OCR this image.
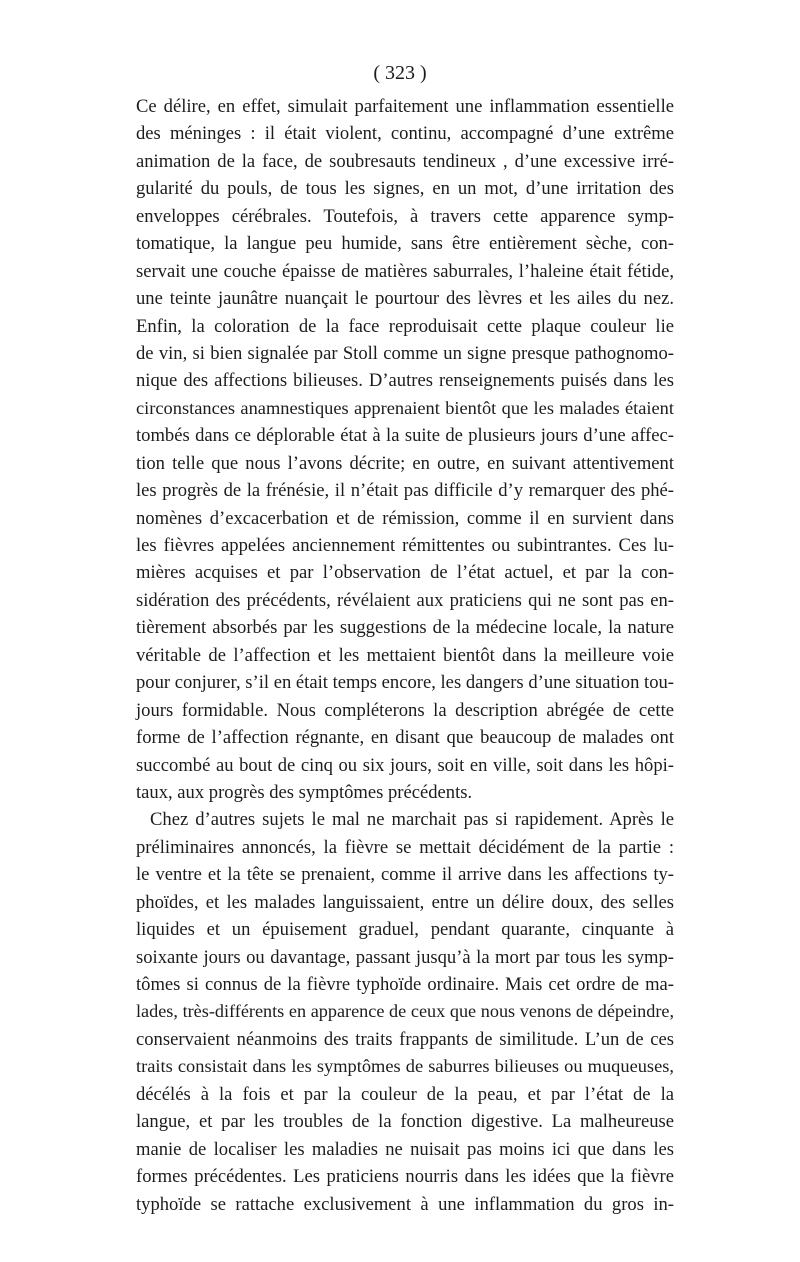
( 323 )
Ce délire, en effet, simulait parfaitement une inflammation essentielle
des méninges : il était violent, continu, accompagné d’une extrême
animation de la face, de soubresauts tendineux , d’une excessive irré-
gularité du pouls, de tous les signes, en un mot, d’une irritation des
enveloppes cérébrales. Toutefois, à travers cette apparence symp-
tomatique, la langue peu humide, sans être entièrement sèche, con-
servait une couche épaisse de matières saburrales, l’haleine était fétide,
une teinte jaunâtre nuançait le pourtour des lèvres et les ailes du nez.
Enfin, la coloration de la face reproduisait cette plaque couleur lie
de vin, si bien signalée par Stoll comme un signe presque pathognomo-
nique des affections bilieuses. D’autres renseignements puisés dans les
circonstances anamnestiques apprenaient bientôt que les malades étaient
tombés dans ce déplorable état à la suite de plusieurs jours d’une affec-
tion telle que nous l’avons décrite; en outre, en suivant attentivement
les progrès de la frénésie, il n’était pas difficile d’y remarquer des phé-
nomènes d’excacerbation et de rémission, comme il en survient dans
les fièvres appelées anciennement rémittentes ou subintrantes. Ces lu-
mières acquises et par l’observation de l’état actuel, et par la con-
sidération des précédents, révélaient aux praticiens qui ne sont pas en-
tièrement absorbés par les suggestions de la médecine locale, la nature
véritable de l’affection et les mettaient bientôt dans la meilleure voie
pour conjurer, s’il en était temps encore, les dangers d’une situation tou-
jours formidable. Nous compléterons la description abrégée de cette
forme de l’affection régnante, en disant que beaucoup de malades ont
succombé au bout de cinq ou six jours, soit en ville, soit dans les hôpi-
taux, aux progrès des symptômes précédents.
Chez d’autres sujets le mal ne marchait pas si rapidement. Après le
préliminaires annoncés, la fièvre se mettait décidément de la partie :
le ventre et la tête se prenaient, comme il arrive dans les affections ty-
phoïdes, et les malades languissaient, entre un délire doux, des selles
liquides et un épuisement graduel, pendant quarante, cinquante à
soixante jours ou davantage, passant jusqu’à la mort par tous les symp-
tômes si connus de la fièvre typhoïde ordinaire. Mais cet ordre de ma-
lades, très-différents en apparence de ceux que nous venons de dépeindre,
conservaient néanmoins des traits frappants de similitude. L’un de ces
traits consistait dans les symptômes de saburres bilieuses ou muqueuses,
décélés à la fois et par la couleur de la peau, et par l’état de la
langue, et par les troubles de la fonction digestive. La malheureuse
manie de localiser les maladies ne nuisait pas moins ici que dans les
formes précédentes. Les praticiens nourris dans les idées que la fièvre
typhoïde se rattache exclusivement à une inflammation du gros in-
